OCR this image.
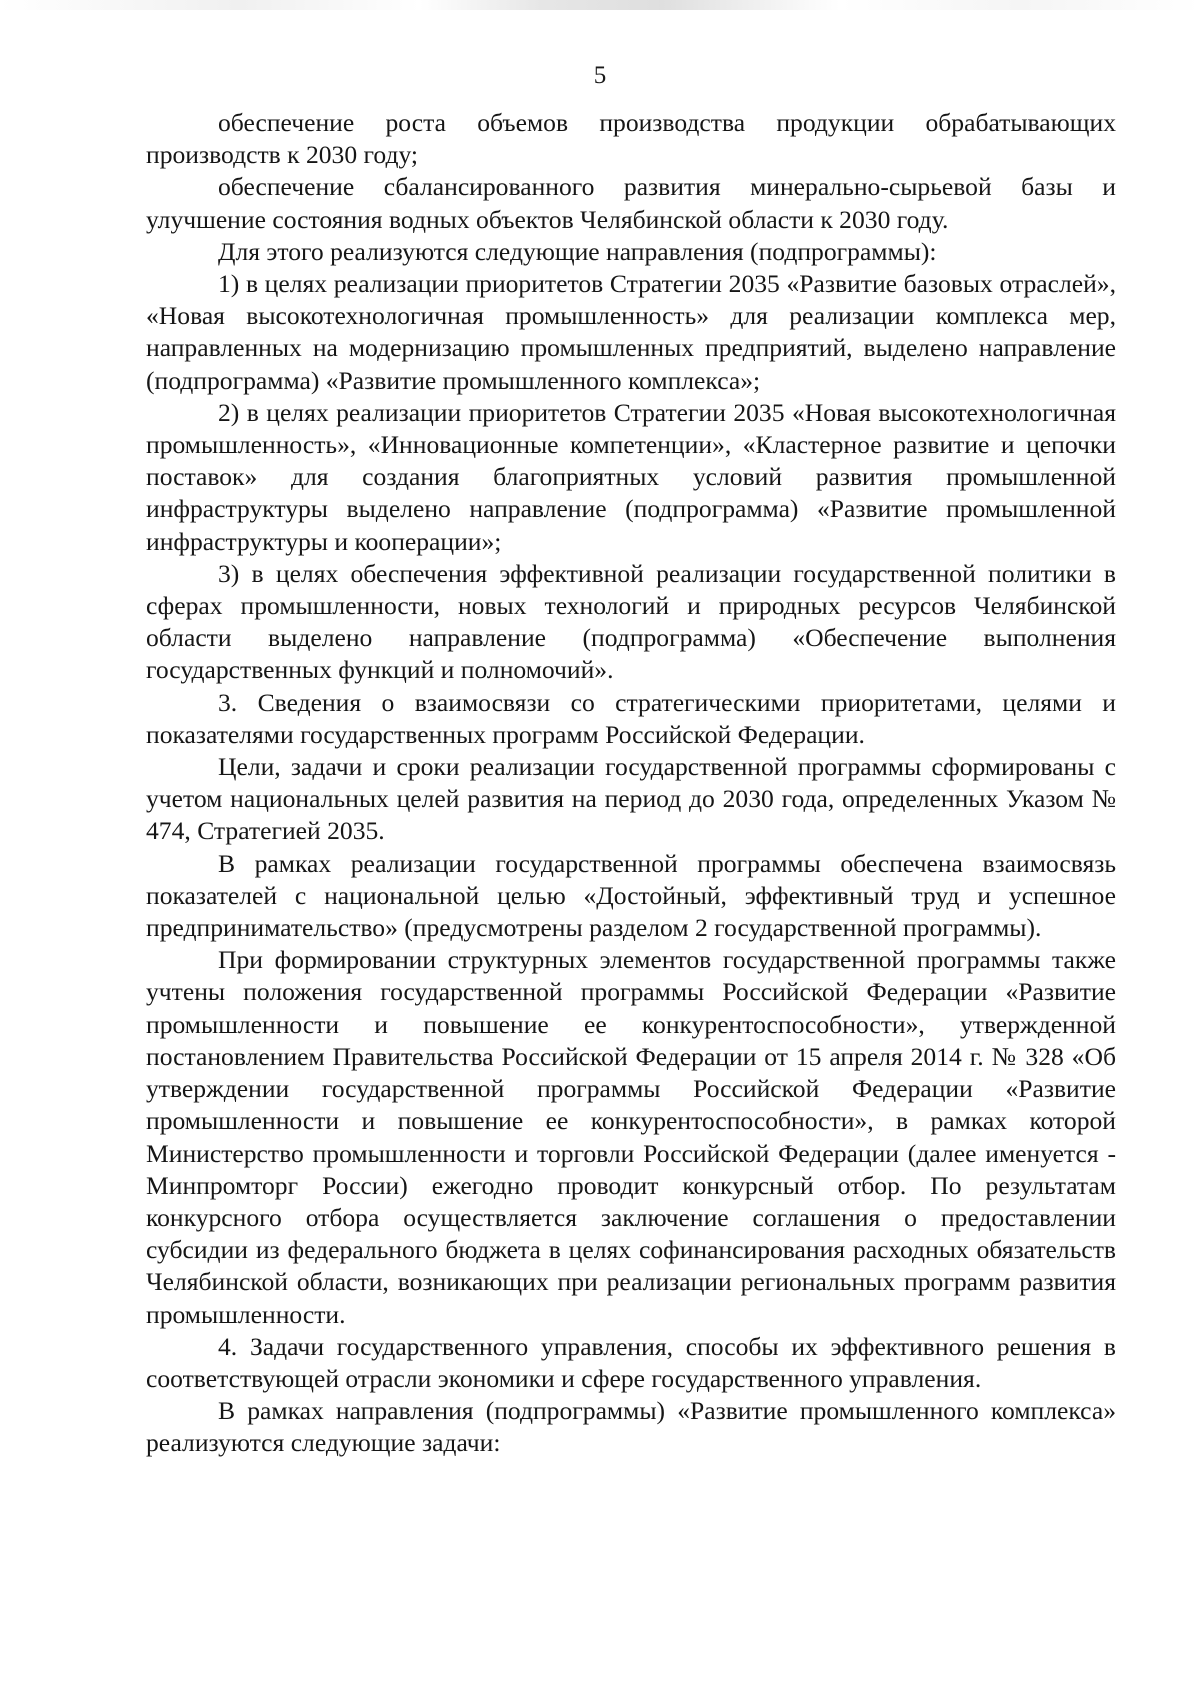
5

обеспечение роста объемов производства продукции обрабатывающих производств к 2030 году;

обеспечение сбалансированного развития минерально-сырьевой базы и улучшение состояния водных объектов Челябинской области к 2030 году.

Для этого реализуются следующие направления (подпрограммы):

1) в целях реализации приоритетов Стратегии 2035 «Развитие базовых отраслей», «Новая высокотехнологичная промышленность» для реализации комплекса мер, направленных на модернизацию промышленных предприятий, выделено направление (подпрограмма) «Развитие промышленного комплекса»;

2) в целях реализации приоритетов Стратегии 2035 «Новая высокотехнологичная промышленность», «Инновационные компетенции», «Кластерное развитие и цепочки поставок» для создания благоприятных условий развития промышленной инфраструктуры выделено направление (подпрограмма) «Развитие промышленной инфраструктуры и кооперации»;

3) в целях обеспечения эффективной реализации государственной политики в сферах промышленности, новых технологий и природных ресурсов Челябинской области выделено направление (подпрограмма) «Обеспечение выполнения государственных функций и полномочий».

3. Сведения о взаимосвязи со стратегическими приоритетами, целями и показателями государственных программ Российской Федерации.

Цели, задачи и сроки реализации государственной программы сформированы с учетом национальных целей развития на период до 2030 года, определенных Указом № 474, Стратегией 2035.

В рамках реализации государственной программы обеспечена взаимосвязь показателей с национальной целью «Достойный, эффективный труд и успешное предпринимательство» (предусмотрены разделом 2 государственной программы).

При формировании структурных элементов государственной программы также учтены положения государственной программы Российской Федерации «Развитие промышленности и повышение ее конкурентоспособности», утвержденной постановлением Правительства Российской Федерации от 15 апреля 2014 г. № 328 «Об утверждении государственной программы Российской Федерации «Развитие промышленности и повышение ее конкурентоспособности», в рамках которой Министерство промышленности и торговли Российской Федерации (далее именуется - Минпромторг России) ежегодно проводит конкурсный отбор. По результатам конкурсного отбора осуществляется заключение соглашения о предоставлении субсидии из федерального бюджета в целях софинансирования расходных обязательств Челябинской области, возникающих при реализации региональных программ развития промышленности.

4. Задачи государственного управления, способы их эффективного решения в соответствующей отрасли экономики и сфере государственного управления.

В рамках направления (подпрограммы) «Развитие промышленного комплекса» реализуются следующие задачи:
